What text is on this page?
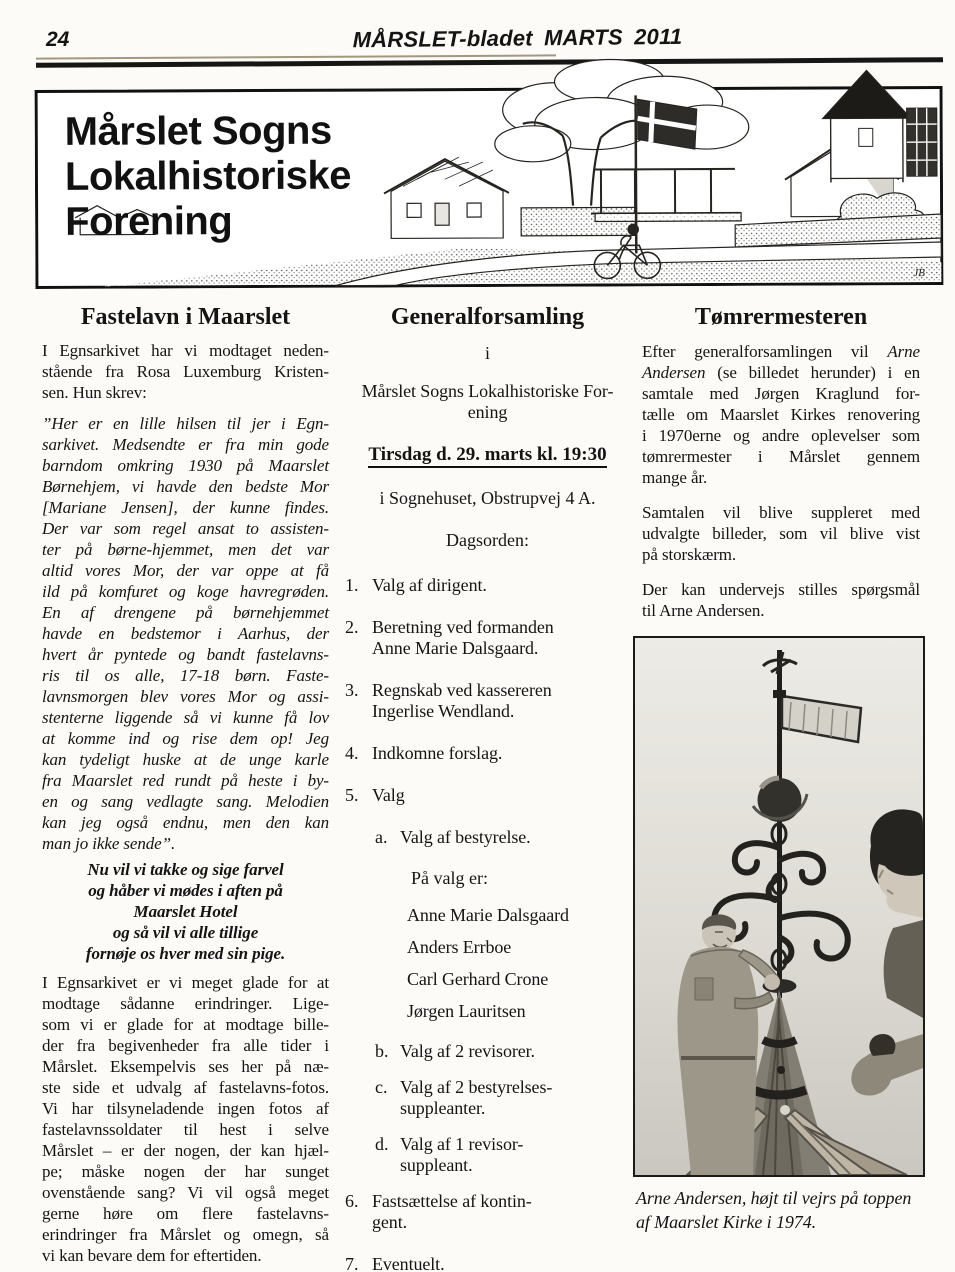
24	MÅRSLET-bladet MARTS 2011
JB
Mårslet Sogns
Lokalhistoriske
Forening
Fastelavn i Maarslet
I Egnsarkivet har vi modtaget neden-
stående fra Rosa Luxemburg Kristen-
sen. Hun skrev:
”Her er en lille hilsen til jer i Egn-
sarkivet. Medsendte er fra min gode
barndom omkring 1930 på Maarslet
Børnehjem, vi havde den bedste Mor
[Mariane Jensen], der kunne findes.
Der var som regel ansat to assisten-
ter på børne-hjemmet, men det var
altid vores Mor, der var oppe at få
ild på komfuret og koge havregrøden.
En af drengene på børnehjemmet
havde en bedstemor i Aarhus, der
hvert år pyntede og bandt fastelavns-
ris til os alle, 17-18 børn. Faste-
lavnsmorgen blev vores Mor og assi-
stenterne liggende så vi kunne få lov
at komme ind og rise dem op! Jeg
kan tydeligt huske at de unge karle
fra Maarslet red rundt på heste i by-
en og sang vedlagte sang. Melodien
kan jeg også endnu, men den kan
man jo ikke sende”.
Nu vil vi takke og sige farvel
og håber vi mødes i aften på
Maarslet Hotel
og så vil vi alle tillige
fornøje os hver med sin pige.
I Egnsarkivet er vi meget glade for at
modtage sådanne erindringer. Lige-
som vi er glade for at modtage bille-
der fra begivenheder fra alle tider i
Mårslet. Eksempelvis ses her på næ-
ste side et udvalg af fastelavns-fotos.
Vi har tilsyneladende ingen fotos af
fastelavnssoldater til hest i selve
Mårslet – er der nogen, der kan hjæl-
pe; måske nogen der har sunget
ovenstående sang? Vi vil også meget
gerne høre om flere fastelavns-
erindringer fra Mårslet og omegn, så
vi kan bevare dem for eftertiden.
Generalforsamling
i
Mårslet Sogns Lokalhistoriske For-
ening
Tirsdag d. 29. marts kl. 19:30
i Sognehuset, Obstrupvej 4 A.
Dagsorden:
1. Valg af dirigent.
2. Beretning ved formanden
Anne Marie Dalsgaard.
3. Regnskab ved kassereren
Ingerlise Wendland.
4. Indkomne forslag.
5. Valg
a. Valg af bestyrelse.
På valg er:
Anne Marie Dalsgaard
Anders Errboe
Carl Gerhard Crone
Jørgen Lauritsen
b. Valg af 2 revisorer.
c. Valg af 2 bestyrelses-
suppleanter.
d. Valg af 1 revisor-
suppleant.
6. Fastsættelse af kontin-
gent.
7. Eventuelt.
Tømrermesteren
Efter generalforsamlingen vil Arne
Andersen (se billedet herunder) i en
samtale med Jørgen Kraglund for-
tælle om Maarslet Kirkes renovering
i 1970erne og andre oplevelser som
tømrermester i Mårslet gennem
mange år.
Samtalen vil blive suppleret med
udvalgte billeder, som vil blive vist
på storskærm.
Der kan undervejs stilles spørgsmål
til Arne Andersen.
Arne Andersen, højt til vejrs på toppen
af Maarslet Kirke i 1974.
